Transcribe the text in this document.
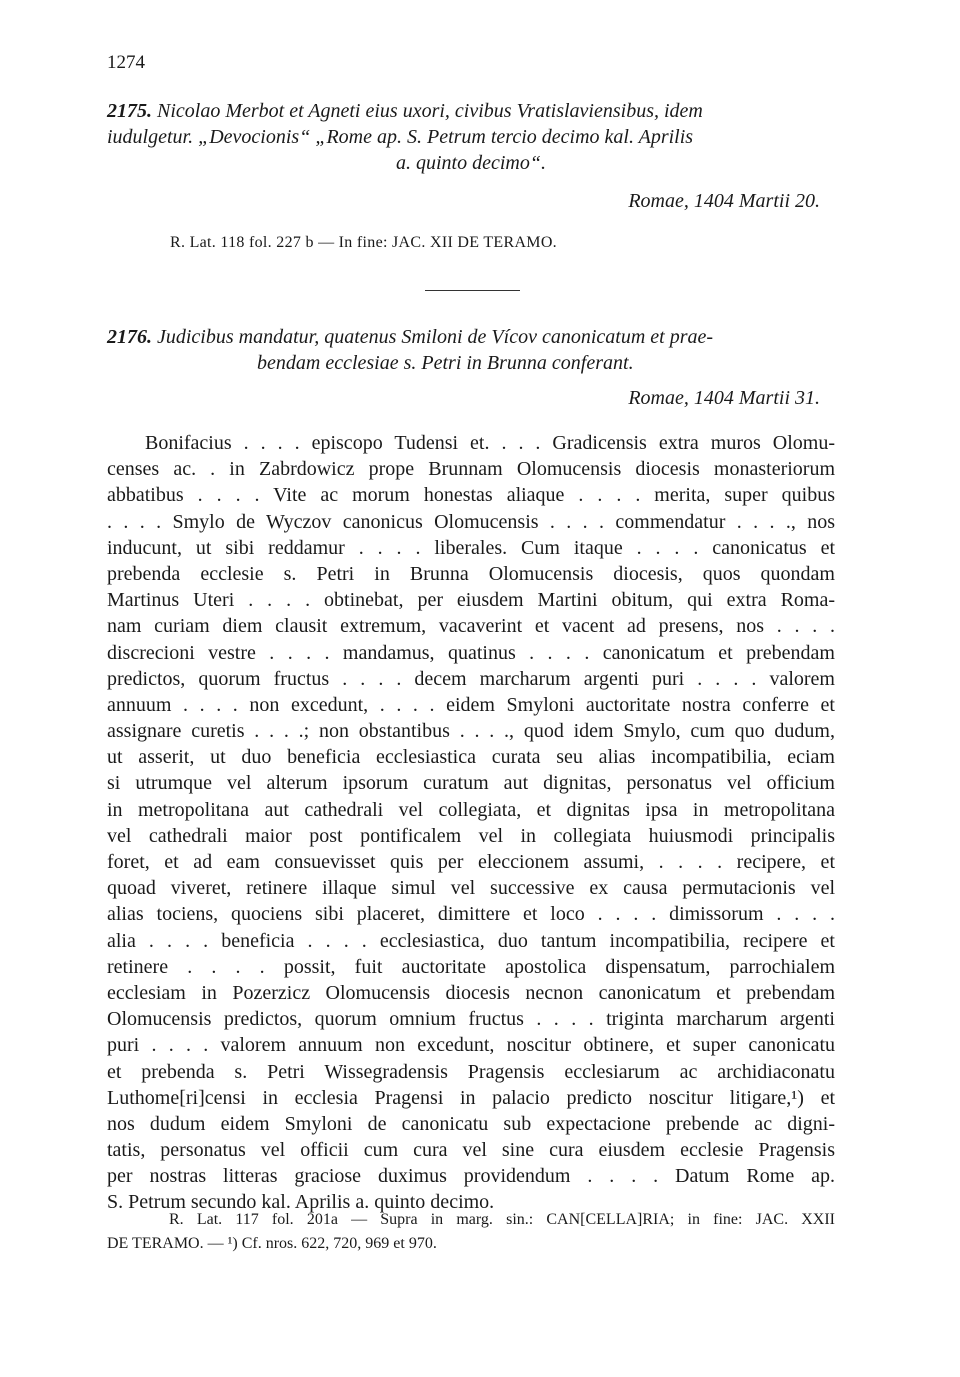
1274
2175. Nicolao Merbot et Agneti eius uxori, civibus Vratislaviensibus, idem
iudulgetur. „Devocionis“ „Rome ap. S. Petrum tercio decimo kal. Aprilis
a. quinto decimo“.
Romae, 1404 Martii 20.
R. Lat. 118 fol. 227 b — In fine: JAC. XII DE TERAMO.
2176. Judicibus mandatur, quatenus Smiloni de Vícov canonicatum et prae-
bendam ecclesiae s. Petri in Brunna conferant.
Romae, 1404 Martii 31.
Bonifacius . . . . episcopo Tudensi et. . . . Gradicensis extra muros Olomu-
censes ac. . in Zabrdowicz prope Brunnam Olomucensis diocesis monasteriorum
abbatibus . . . . Vite ac morum honestas aliaque . . . . merita, super quibus
. . . . Smylo de Wyczov canonicus Olomucensis . . . . commendatur . . . ., nos
inducunt, ut sibi reddamur . . . . liberales. Cum itaque . . . . canonicatus et
prebenda ecclesie s. Petri in Brunna Olomucensis diocesis, quos quondam
Martinus Uteri . . . . obtinebat, per eiusdem Martini obitum, qui extra Roma-
nam curiam diem clausit extremum, vacaverint et vacent ad presens, nos . . . .
discrecioni vestre . . . . mandamus, quatinus . . . . canonicatum et prebendam
predictos, quorum fructus . . . . decem marcharum argenti puri . . . . valorem
annuum . . . . non excedunt, . . . . eidem Smyloni auctoritate nostra conferre et
assignare curetis . . . .; non obstantibus . . . ., quod idem Smylo, cum quo dudum,
ut asserit, ut duo beneficia ecclesiastica curata seu alias incompatibilia, eciam
si utrumque vel alterum ipsorum curatum aut dignitas, personatus vel officium
in metropolitana aut cathedrali vel collegiata, et dignitas ipsa in metropolitana
vel cathedrali maior post pontificalem vel in collegiata huiusmodi principalis
foret, et ad eam consuevisset quis per eleccionem assumi, . . . . recipere, et
quoad viveret, retinere illaque simul vel successive ex causa permutacionis vel
alias tociens, quociens sibi placeret, dimittere et loco . . . . dimissorum . . . .
alia . . . . beneficia . . . . ecclesiastica, duo tantum incompatibilia, recipere et
retinere . . . . possit, fuit auctoritate apostolica dispensatum, parrochialem
ecclesiam in Pozerzicz Olomucensis diocesis necnon canonicatum et prebendam
Olomucensis predictos, quorum omnium fructus . . . . triginta marcharum argenti
puri . . . . valorem annuum non excedunt, noscitur obtinere, et super canonicatu
et prebenda s. Petri Wissegradensis Pragensis ecclesiarum ac archidiaconatu
Luthome[ri]censi in ecclesia Pragensi in palacio predicto noscitur litigare,¹) et
nos dudum eidem Smyloni de canonicatu sub expectacione prebende ac digni-
tatis, personatus vel officii cum cura vel sine cura eiusdem ecclesie Pragensis
per nostras litteras graciose duximus providendum . . . . Datum Rome ap.
S. Petrum secundo kal. Aprilis a. quinto decimo.
R. Lat. 117 fol. 201a — Supra in marg. sin.: CAN[CELLA]RIA; in fine: JAC. XXII
DE TERAMO. — ¹) Cf. nros. 622, 720, 969 et 970.
